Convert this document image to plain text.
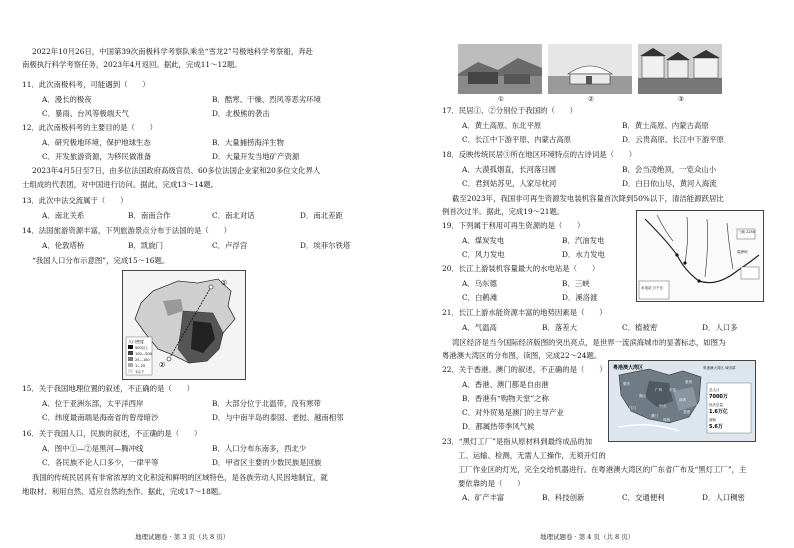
2022年10月26日，中国第39次南极科学考察队乘坐“雪龙2”号极地科学考察船，奔赴
南极执行科学考察任务，2023年4月返回。据此，完成11～12题。
11．此次南极科考，可能遇到（　　）
A．漫长的极夜	B．酷寒、干燥、烈风等恶劣环境
C．暴雨、台风等极端天气	D．北极熊的袭击
12．此次南极科考的主要目的是（　　）
A．研究极地环境，保护地球生态	B．大量捕捞海洋生物
C．开发旅游资源，为移民做准备	D．大量开发当地矿产资源
2023年4月5日至7日，由多位法国政府高级官员、60多位法国企业家和20多位文化界人
士组成的代表团，对中国进行访问。据此，完成13～14题。
13．此次中法交流属于（　　）
A．南北关系	B．南南合作	C．南北对话	D．南北差距
14．法国旅游资源丰富，下列旅游景点分布于法国的是（　　）
A．伦敦塔桥	B．凯旋门	C．卢浮宫	D．埃菲尔铁塔
“我国人口分布示意图”，完成15～16题。
①
②
人口密度
500以上
100—500
25—100
1—25
1以下
15．关于我国地理位置的叙述，不正确的是（　　）
A．位于亚洲东部，太平洋西岸	B．大部分位于北温带，没有寒带
C．纬度最南端是海南省的曾母暗沙	D．与中南半岛的泰国、老挝、越南相邻
16．关于我国人口，民族的叙述，不正确的是（　　）
A．图中①—②是黑河—腾冲线	B．人口分布东南多，西北少
C．各民族不论人口多少，一律平等	D．甲省区主要的少数民族是回族
我国的传统民居具有非常浓厚的文化积淀和鲜明的区域特色，是各族劳动人民因地制宜，就
地取材、利用自然、适应自然的杰作。据此，完成17～18题。
地理试题卷 · 第 3 页（共 8 页）
①	②	③
17．民居①、②分别位于我国的（　　）
A．黄土高原、东北平原	B．黄土高原、内蒙古高原
C．长江中下游平原、内蒙古高原	D．云贵高原、长江中下游平原
18．反映传统民居③所在地区环境特点的古诗词是（　　）
A．大漠孤烟直，长河落日圆	B．会当凌绝顶，一览众山小
C．君到姑苏见，人家尽枕河	D．白日依山尽，黄河入海流
截至2023年，我国非可再生资源发电装机容量首次降到50%以下，清洁能源跃居比
例首次过半。据此，完成19～21题。
19．下列属于利用可再生资源的是（　　）
A．煤炭发电	B．汽油发电
C．风力发电	D．水力发电
20．长江上游装机容量最大的水电站是（　　）
A．乌东德	B．三峡
C．白鹤滩	D．溪洛渡
三峡 2250
葛洲坝
水电站 万千瓦
21．长江上游水能资源丰富的地势因素是（　　）
A．气温高	B．落差大	C．植被密	D．人口多
湾区经济是当今国际经济版图的突出亮点，是世界一流滨海城市的显著标志，如图为
粤港澳大湾区的分布图，读图，完成22～24题。
22．关于香港、澳门的叙述，不正确的是（　　）
A．香港、澳门都是自由港
B．香港有“购物天堂”之称
C．对外贸易是澳门的主导产业
D．都属热带季风气候
粤港澳大湾区	粤港澳大湾区 城市群
总人口
7000万
经济总量
1.6万亿
面积
5.6万
广州
深圳
香港
澳门
佛山
东莞
惠州
江门	中山
珠海
肇庆
23．“黑灯工厂”是指从原材料到最终成品的加
工、运输、检测，无需人工操作，无须开灯的
工厂作业区的灯光，完全交给机器进行。在粤港澳大湾区的广东省广布及“黑灯工厂”，主
要依靠的是（　　）
A．矿产丰富	B．科技创新	C．交通便利	D．人口稠密
地理试题卷 · 第 4 页（共 8 页）
